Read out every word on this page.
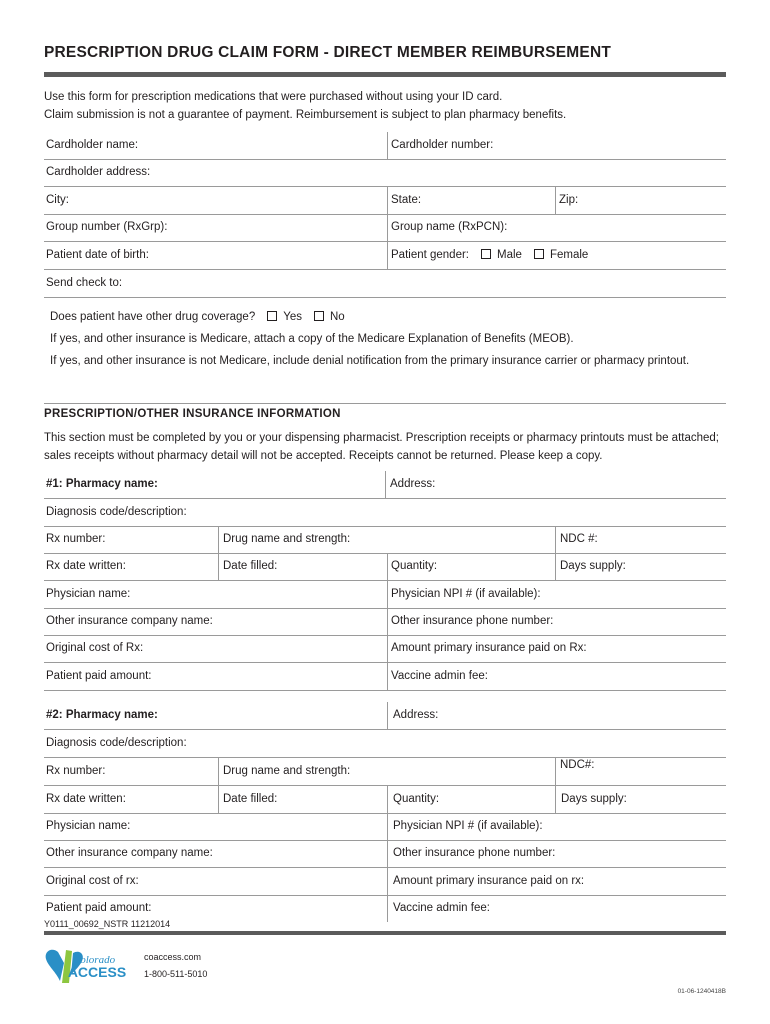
PRESCRIPTION DRUG CLAIM FORM - DIRECT MEMBER REIMBURSEMENT
Use this form for prescription medications that were purchased without using your ID card.
Claim submission is not a guarantee of payment. Reimbursement is subject to plan pharmacy benefits.
Cardholder name:	Cardholder number:
Cardholder address:
City:	State:	Zip:
Group number (RxGrp):	Group name (RxPCN):
Patient date of birth:	Patient gender: Male Female
Send check to:
Does patient have other drug coverage? Yes No
If yes, and other insurance is Medicare, attach a copy of the Medicare Explanation of Benefits (MEOB).
If yes, and other insurance is not Medicare, include denial notification from the primary insurance carrier or pharmacy printout.
PRESCRIPTION/OTHER INSURANCE INFORMATION
This section must be completed by you or your dispensing pharmacist. Prescription receipts or pharmacy printouts must be attached; sales receipts without pharmacy detail will not be accepted. Receipts cannot be returned. Please keep a copy.
#1: Pharmacy name:	Address:
Diagnosis code/description:
Rx number:	Drug name and strength:	NDC #:
Rx date written:	Date filled:	Quantity:	Days supply:
Physician name:	Physician NPI # (if available):
Other insurance company name:	Other insurance phone number:
Original cost of Rx:	Amount primary insurance paid on Rx:
Patient paid amount:	Vaccine admin fee:
#2: Pharmacy name:	Address:
Diagnosis code/description:
Rx number:	Drug name and strength:	NDC#:
Rx date written:	Date filled:	Quantity:	Days supply:
Physician name:	Physician NPI # (if available):
Other insurance company name:	Other insurance phone number:
Original cost of rx:	Amount primary insurance paid on rx:
Patient paid amount:	Vaccine admin fee:
Y0111_00692_NSTR 11212014
Colorado
ACCESS
coaccess.com
1-800-511-5010
01-06-1240418B
